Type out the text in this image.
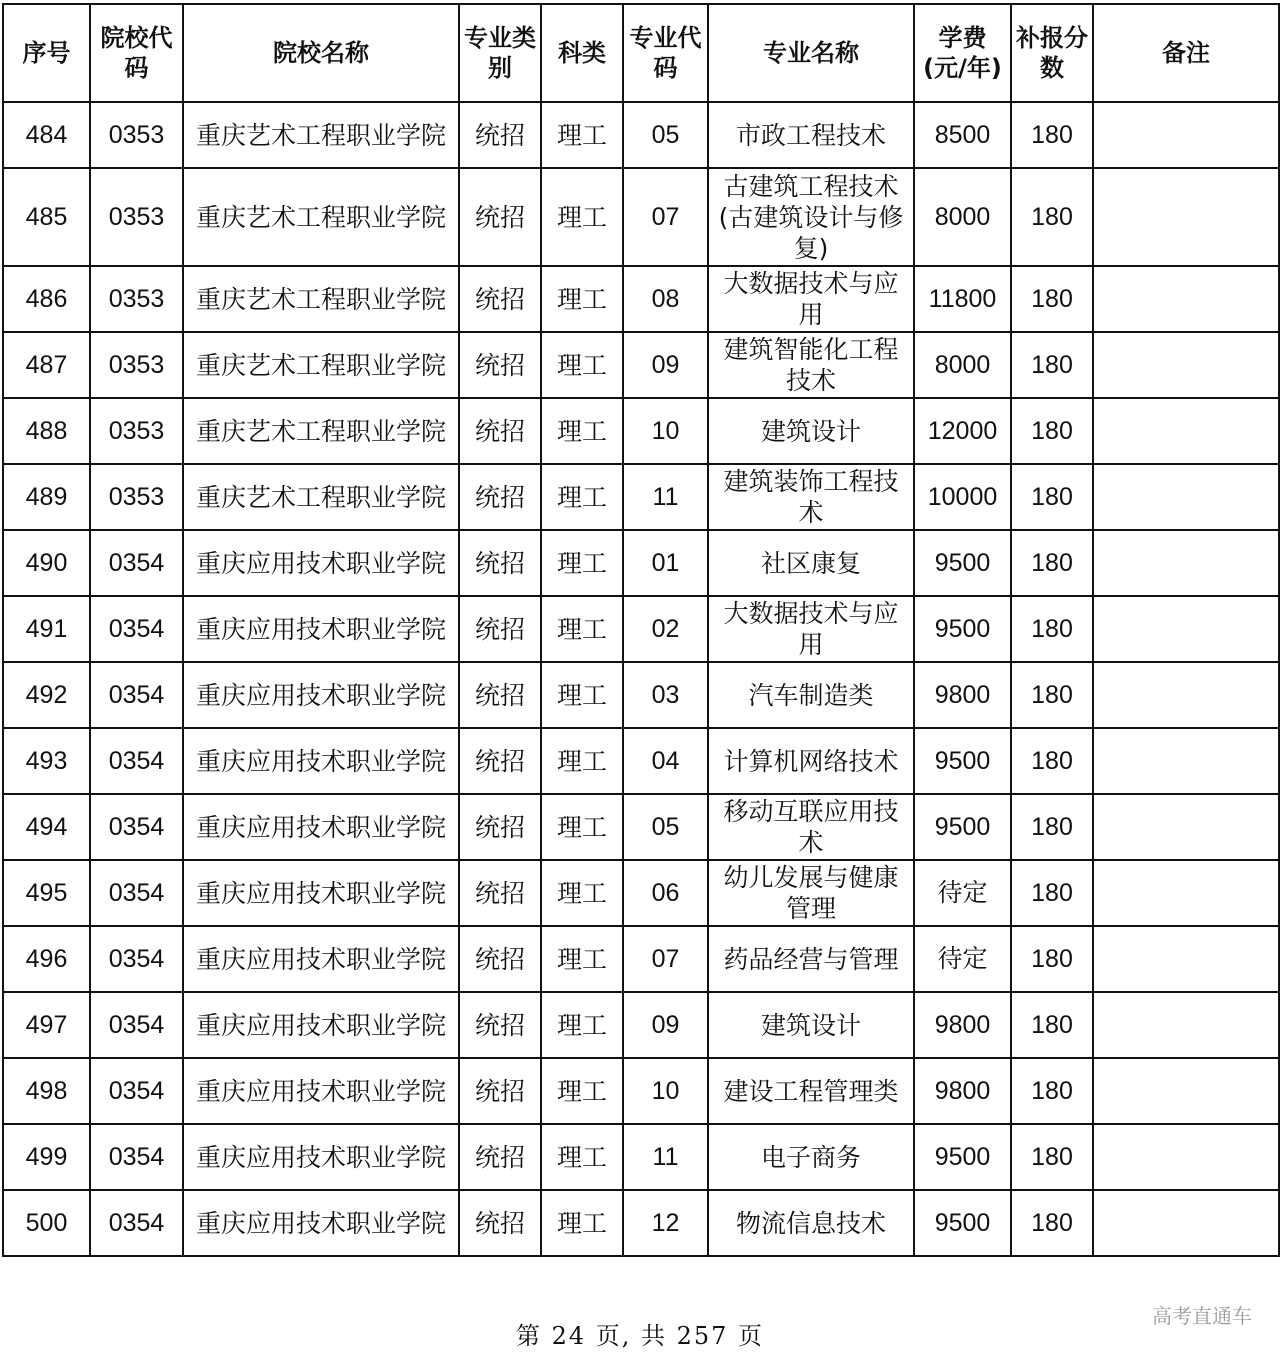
序号	院校代码	院校名称	专业类别	科类	专业代码	专业名称	学费(元/年)	补报分数	备注
484	0353	重庆艺术工程职业学院	统招	理工	05	市政工程技术	8500	180	
485	0353	重庆艺术工程职业学院	统招	理工	07	古建筑工程技术(古建筑设计与修复)	8000	180	
486	0353	重庆艺术工程职业学院	统招	理工	08	大数据技术与应用	11800	180	
487	0353	重庆艺术工程职业学院	统招	理工	09	建筑智能化工程技术	8000	180	
488	0353	重庆艺术工程职业学院	统招	理工	10	建筑设计	12000	180	
489	0353	重庆艺术工程职业学院	统招	理工	11	建筑装饰工程技术	10000	180	
490	0354	重庆应用技术职业学院	统招	理工	01	社区康复	9500	180	
491	0354	重庆应用技术职业学院	统招	理工	02	大数据技术与应用	9500	180	
492	0354	重庆应用技术职业学院	统招	理工	03	汽车制造类	9800	180	
493	0354	重庆应用技术职业学院	统招	理工	04	计算机网络技术	9500	180	
494	0354	重庆应用技术职业学院	统招	理工	05	移动互联应用技术	9500	180	
495	0354	重庆应用技术职业学院	统招	理工	06	幼儿发展与健康管理	待定	180	
496	0354	重庆应用技术职业学院	统招	理工	07	药品经营与管理	待定	180	
497	0354	重庆应用技术职业学院	统招	理工	09	建筑设计	9800	180	
498	0354	重庆应用技术职业学院	统招	理工	10	建设工程管理类	9800	180	
499	0354	重庆应用技术职业学院	统招	理工	11	电子商务	9500	180	
500	0354	重庆应用技术职业学院	统招	理工	12	物流信息技术	9500	180	
第 24 页, 共 257 页
高考直通车
